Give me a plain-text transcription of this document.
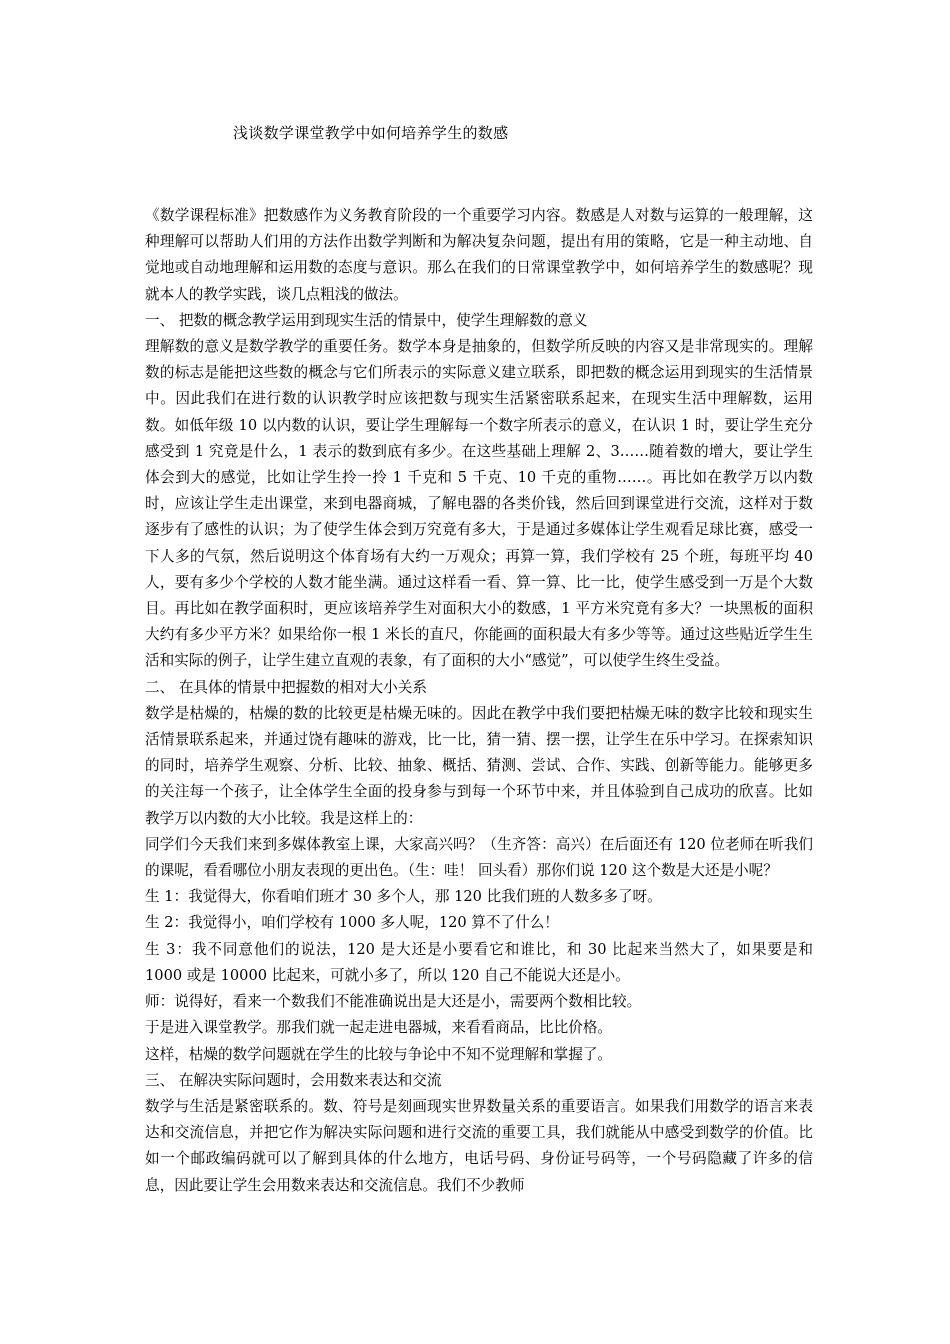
浅谈数学课堂教学中如何培养学生的数感

《数学课程标准》把数感作为义务教育阶段的一个重要学习内容。数感是人对数与运算的一般理解，这种理解可以帮助人们用的方法作出数学判断和为解决复杂问题，提出有用的策略，它是一种主动地、自觉地或自动地理解和运用数的态度与意识。那么在我们的日常课堂教学中，如何培养学生的数感呢？现就本人的教学实践，谈几点粗浅的做法。

一、 把数的概念教学运用到现实生活的情景中，使学生理解数的意义

理解数的意义是数学教学的重要任务。数学本身是抽象的，但数学所反映的内容又是非常现实的。理解数的标志是能把这些数的概念与它们所表示的实际意义建立联系，即把数的概念运用到现实的生活情景中。因此我们在进行数的认识教学时应该把数与现实生活紧密联系起来，在现实生活中理解数，运用数。如低年级 10 以内数的认识，要让学生理解每一个数字所表示的意义，在认识 1 时，要让学生充分感受到 1 究竟是什么，1 表示的数到底有多少。在这些基础上理解 2、3……随着数的增大，要让学生体会到大的感觉，比如让学生拎一拎 1 千克和 5 千克、10 千克的重物……。再比如在教学万以内数时，应该让学生走出课堂，来到电器商城，了解电器的各类价钱，然后回到课堂进行交流，这样对于数逐步有了感性的认识；为了使学生体会到万究竟有多大，于是通过多媒体让学生观看足球比赛，感受一下人多的气氛，然后说明这个体育场有大约一万观众；再算一算，我们学校有 25 个班，每班平均 40 人，要有多少个学校的人数才能坐满。通过这样看一看、算一算、比一比，使学生感受到一万是个大数目。再比如在教学面积时，更应该培养学生对面积大小的数感，1 平方米究竟有多大？一块黑板的面积大约有多少平方米？如果给你一根 1 米长的直尺，你能画的面积最大有多少等等。通过这些贴近学生生活和实际的例子，让学生建立直观的表象，有了面积的大小“感觉”，可以使学生终生受益。

二、 在具体的情景中把握数的相对大小关系

数学是枯燥的，枯燥的数的比较更是枯燥无味的。因此在教学中我们要把枯燥无味的数字比较和现实生活情景联系起来，并通过饶有趣味的游戏，比一比，猜一猜、摆一摆，让学生在乐中学习。在探索知识的同时，培养学生观察、分析、比较、抽象、概括、猜测、尝试、合作、实践、创新等能力。能够更多的关注每一个孩子，让全体学生全面的投身参与到每一个环节中来，并且体验到自己成功的欣喜。比如教学万以内数的大小比较。我是这样上的：

同学们今天我们来到多媒体教室上课，大家高兴吗？（生齐答：高兴）在后面还有 120 位老师在听我们的课呢，看看哪位小朋友表现的更出色。（生：哇！ 回头看）那你们说 120 这个数是大还是小呢？

生 1：我觉得大，你看咱们班才 30 多个人，那 120 比我们班的人数多多了呀。

生 2：我觉得小，咱们学校有 1000 多人呢，120 算不了什么！

生 3：我不同意他们的说法，120 是大还是小要看它和谁比，和 30 比起来当然大了，如果要是和 1000 或是 10000 比起来，可就小多了，所以 120 自己不能说大还是小。

师：说得好，看来一个数我们不能准确说出是大还是小，需要两个数相比较。

于是进入课堂教学。那我们就一起走进电器城，来看看商品，比比价格。

这样，枯燥的数学问题就在学生的比较与争论中不知不觉理解和掌握了。

三、 在解决实际问题时，会用数来表达和交流

数学与生活是紧密联系的。数、符号是刻画现实世界数量关系的重要语言。如果我们用数学的语言来表达和交流信息，并把它作为解决实际问题和进行交流的重要工具，我们就能从中感受到数学的价值。比如一个邮政编码就可以了解到具体的什么地方，电话号码、身份证号码等，一个号码隐藏了许多的信息，因此要让学生会用数来表达和交流信息。我们不少教师
